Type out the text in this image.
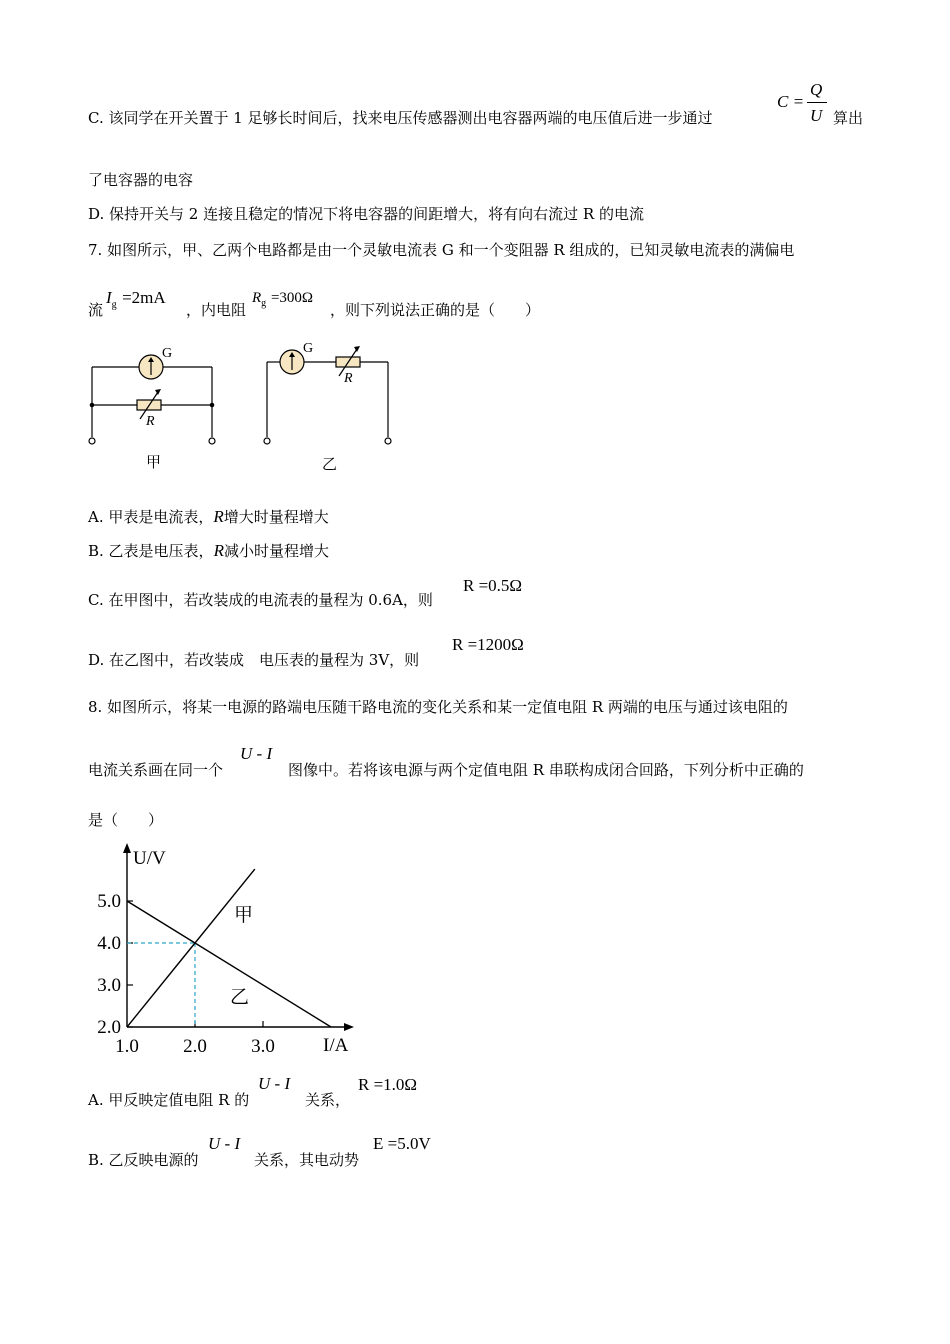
C. 该同学在开关置于 1 足够长时间后，找来电压传感器测出电容器两端的电压值后进一步通过
C =
Q
U 算出
了电容器的电容
D. 保持开关与 2 连接且稳定的情况下将电容器的间距增大，将有向右流过 R 的电流
7. 如图所示，甲、乙两个电路都是由一个灵敏电流表 G 和一个变阻器 R 组成的，已知灵敏电流表的满偏电
流
$I_g =2mA$
，内电阻
$R_g =300\Omega$
，则下列说法正确的是（　　）
G
R
G
R
甲	乙
A. 甲表是电流表，R增大时量程增大
B. 乙表是电压表，R减小时量程增大
C. 在甲图中，若改装成的电流表的量程为 0.6A，则
R =0.5Ω
D. 在乙图中，若改装成　电压表的量程为 3V，则
R =1200Ω
8. 如图所示，将某一电源的路端电压随干路电流的变化关系和某一定值电阻 R 两端的电压与通过该电阻的
电流关系画在同一个
U - I
图像中。若将该电源与两个定值电阻 R 串联构成闭合回路，下列分析中正确的
是（　　）
U/V
I/A
1.0 2.0 3.0
5.0
4.0
3.0
2.0
甲
乙
A. 甲反映定值电阻 R 的
U - I
关系，
R =1.0Ω
B. 乙反映电源的
U - I
关系，其电动势
E =5.0V
